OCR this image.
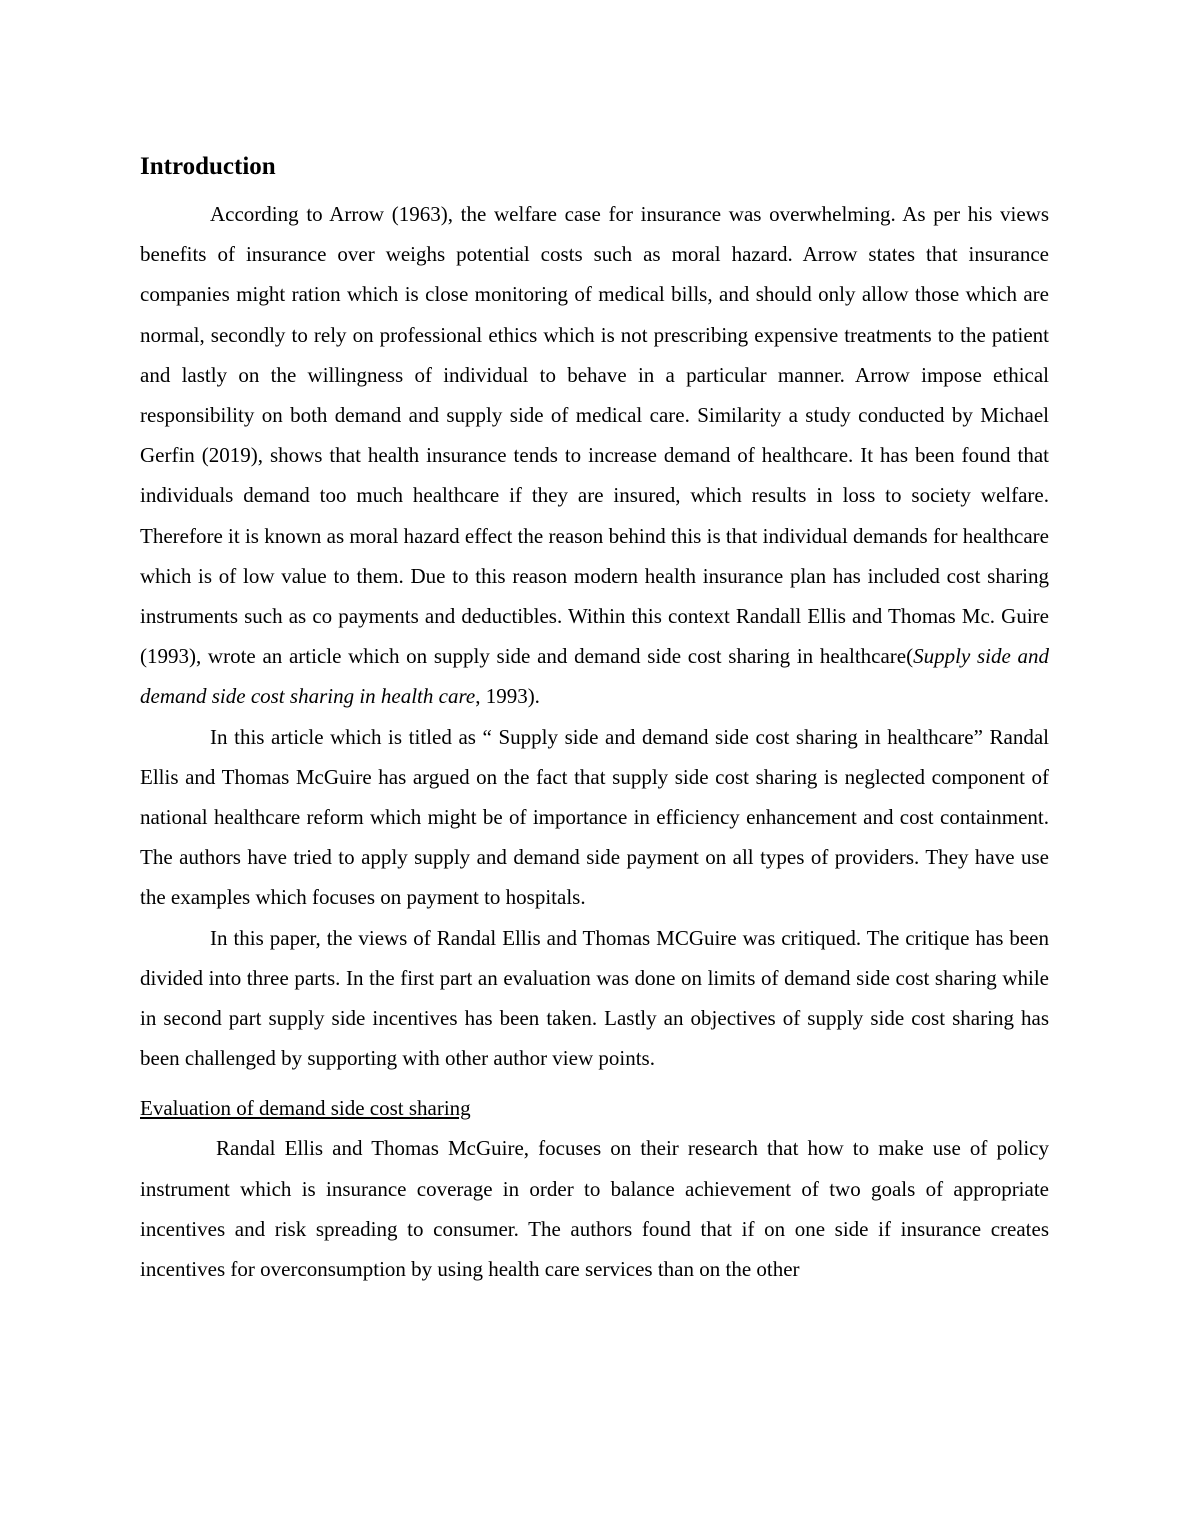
Introduction

According to Arrow (1963), the welfare case for insurance was overwhelming. As per his views benefits of insurance over weighs potential costs such as moral hazard. Arrow states that insurance companies might ration which is close monitoring of medical bills, and should only allow those which are normal, secondly to rely on professional ethics which is not prescribing expensive treatments to the patient and lastly on the willingness of individual to behave in a particular manner. Arrow impose ethical responsibility on both demand and supply side of medical care. Similarity a study conducted by Michael Gerfin (2019), shows that health insurance tends to increase demand of healthcare. It has been found that individuals demand too much healthcare if they are insured, which results in loss to society welfare. Therefore it is known as moral hazard effect the reason behind this is that individual demands for healthcare which is of low value to them. Due to this reason modern health insurance plan has included cost sharing instruments such as co payments and deductibles. Within this context Randall Ellis and Thomas Mc. Guire (1993), wrote an article which on supply side and demand side cost sharing in healthcare(Supply side and demand side cost sharing in health care, 1993).

In this article which is titled as “ Supply side and demand side cost sharing in healthcare” Randal Ellis and Thomas McGuire has argued on the fact that supply side cost sharing is neglected component of national healthcare reform which might be of importance in efficiency enhancement and cost containment. The authors have tried to apply supply and demand side payment on all types of providers. They have use the examples which focuses on payment to hospitals.

In this paper, the views of Randal Ellis and Thomas MCGuire was critiqued. The critique has been divided into three parts. In the first part an evaluation was done on limits of demand side cost sharing while in second part supply side incentives has been taken. Lastly an objectives of supply side cost sharing has been challenged by supporting with other author view points.

Evaluation of demand side cost sharing

Randal Ellis and Thomas McGuire, focuses on their research that how to make use of policy instrument which is insurance coverage in order to balance achievement of two goals of appropriate incentives and risk spreading to consumer. The authors found that if on one side if insurance creates incentives for overconsumption by using health care services than on the other
